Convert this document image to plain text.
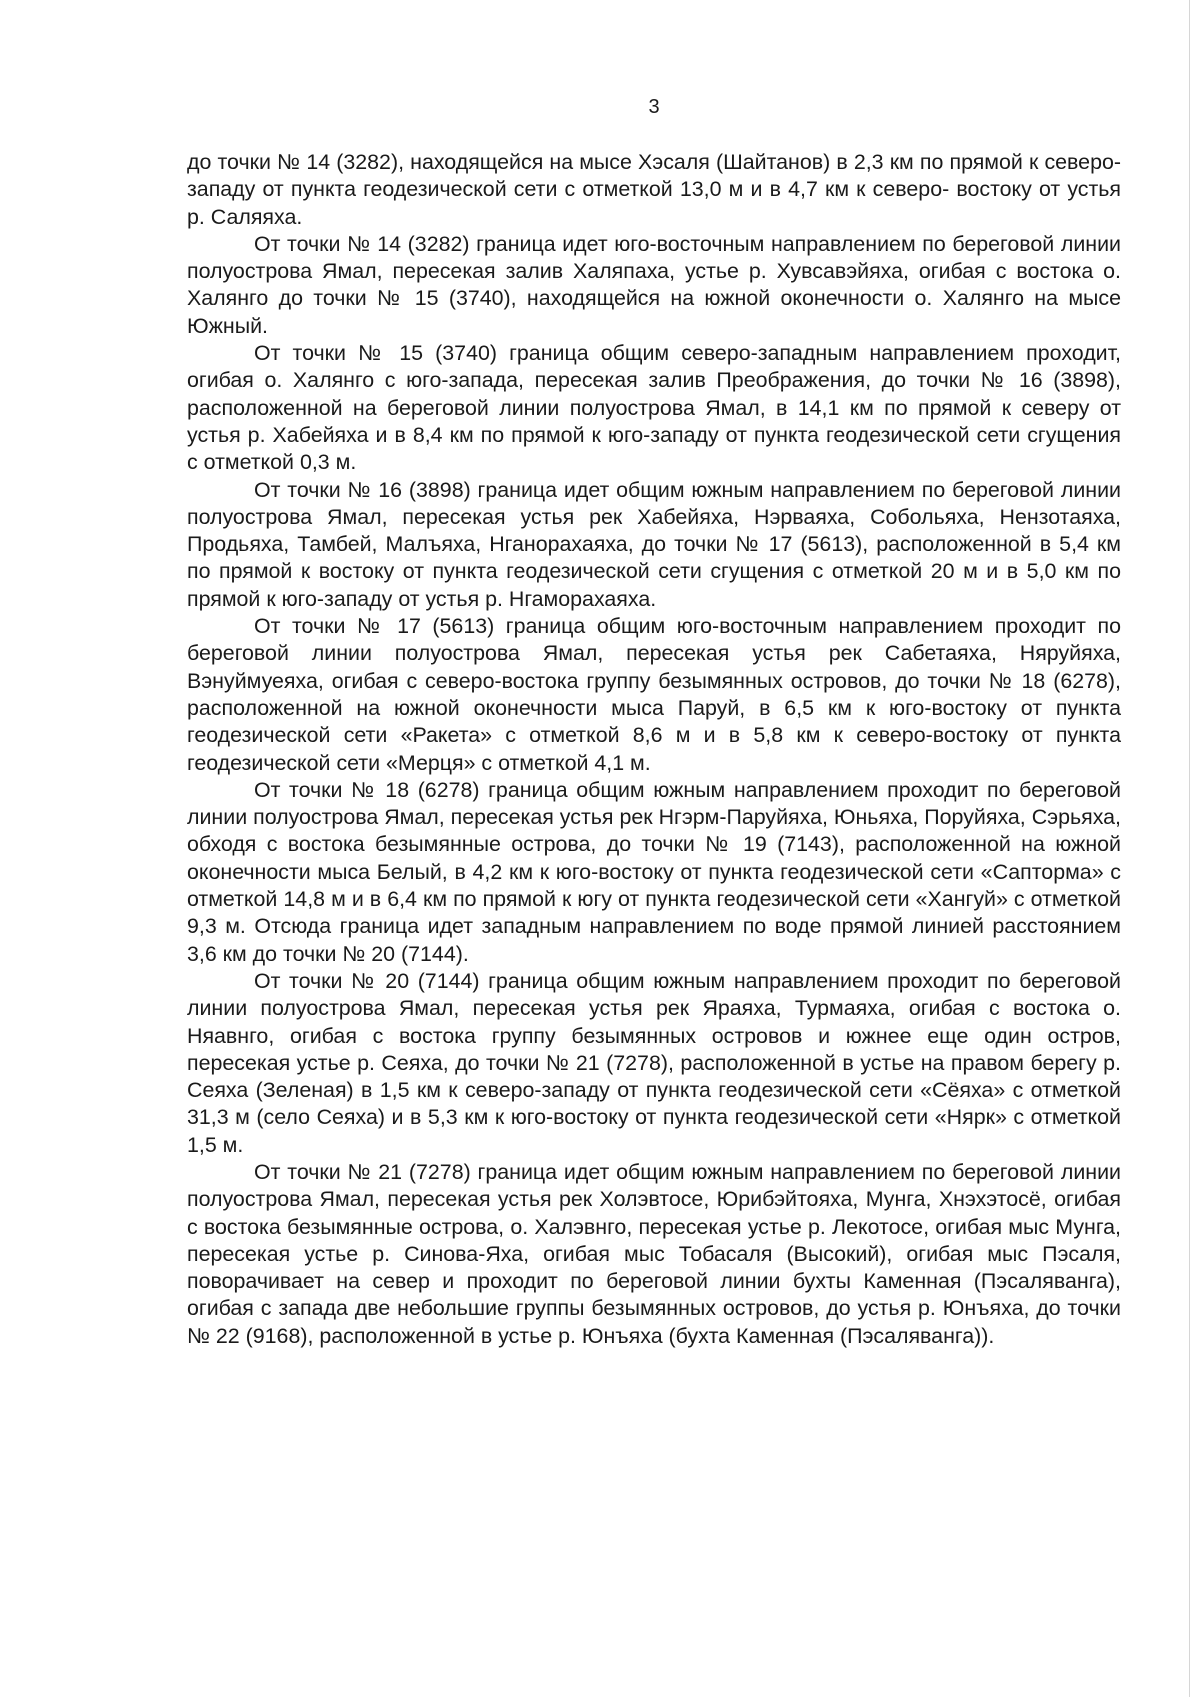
3

до точки № 14 (3282), находящейся на мысе Хэсаля (Шайтанов) в 2,3 км по прямой к северо-западу от пункта геодезической сети с отметкой 13,0 м и в 4,7 км к северо- востоку от устья р. Саляяха.

От точки № 14 (3282) граница идет юго-восточным направлением по береговой линии полуострова Ямал, пересекая залив Халяпаха, устье р. Хувсавэйяха, огибая с востока о. Халянго до точки № 15 (3740), находящейся на южной оконечности о. Халянго на мысе Южный.

От точки № 15 (3740) граница общим северо-западным направлением проходит, огибая о. Халянго с юго-запада, пересекая залив Преображения, до точки № 16 (3898), расположенной на береговой линии полуострова Ямал, в 14,1 км по прямой к северу от устья р. Хабейяха и в 8,4 км по прямой к юго-западу от пункта геодезической сети сгущения с отметкой 0,3 м.

От точки № 16 (3898) граница идет общим южным направлением по береговой линии полуострова Ямал, пересекая устья рек Хабейяха, Нэрваяха, Собольяха, Нензотаяха, Продьяха, Тамбей, Малъяха, Нганорахаяха, до точки № 17 (5613), расположенной в 5,4 км по прямой к востоку от пункта геодезической сети сгущения с отметкой 20 м и в 5,0 км по прямой к юго-западу от устья р. Нгаморахаяха.

От точки № 17 (5613) граница общим юго-восточным направлением проходит по береговой линии полуострова Ямал, пересекая устья рек Сабетаяха, Няруйяха, Вэнуймуеяха, огибая с северо-востока группу безымянных островов, до точки № 18 (6278), расположенной на южной оконечности мыса Паруй, в 6,5 км к юго-востоку от пункта геодезической сети «Ракета» с отметкой 8,6 м и в 5,8 км к северо-востоку от пункта геодезической сети «Мерця» с отметкой 4,1 м.

От точки № 18 (6278) граница общим южным направлением проходит по береговой линии полуострова Ямал, пересекая устья рек Нгэрм-Паруйяха, Юньяха, Поруйяха, Сэрьяха, обходя с востока безымянные острова, до точки № 19 (7143), расположенной на южной оконечности мыса Белый, в 4,2 км к юго-востоку от пункта геодезической сети «Сапторма» с отметкой 14,8 м и в 6,4 км по прямой к югу от пункта геодезической сети «Хангуй» с отметкой 9,3 м. Отсюда граница идет западным направлением по воде прямой линией расстоянием 3,6 км до точки № 20 (7144).

От точки № 20 (7144) граница общим южным направлением проходит по береговой линии полуострова Ямал, пересекая устья рек Яраяха, Турмаяха, огибая с востока о. Няавнго, огибая с востока группу безымянных островов и южнее еще один остров, пересекая устье р. Сеяха, до точки № 21 (7278), расположенной в устье на правом берегу р. Сеяха (Зеленая) в 1,5 км к северо-западу от пункта геодезической сети «Сёяха» с отметкой 31,3 м (село Сеяха) и в 5,3 км к юго-востоку от пункта геодезической сети «Нярк» с отметкой 1,5 м.

От точки № 21 (7278) граница идет общим южным направлением по береговой линии полуострова Ямал, пересекая устья рек Холэвтосе, Юрибэйтояха, Мунга, Хнэхэтосё, огибая с востока безымянные острова, о. Халэвнго, пересекая устье р. Лекотосе, огибая мыс Мунга, пересекая устье р. Синова-Яха, огибая мыс Тобасаля (Высокий), огибая мыс Пэсаля, поворачивает на север и проходит по береговой линии бухты Каменная (Пэсаляванга), огибая с запада две небольшие группы безымянных островов, до устья р. Юнъяха, до точки № 22 (9168), расположенной в устье р. Юнъяха (бухта Каменная (Пэсаляванга)).
